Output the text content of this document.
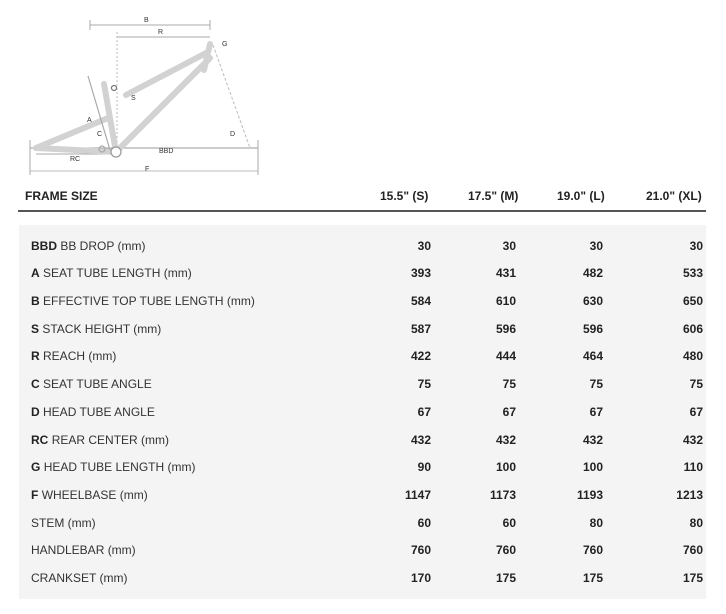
B
R
G
S
A
C	D
RC
BBD
F
FRAME SIZE	15.5" (S)	17.5" (M)	19.0" (L)	21.0" (XL)
BBD BB DROP (mm)	30	30	30	30
A SEAT TUBE LENGTH (mm)	393	431	482	533
B EFFECTIVE TOP TUBE LENGTH (mm)	584	610	630	650
S STACK HEIGHT (mm)	587	596	596	606
R REACH (mm)	422	444	464	480
C SEAT TUBE ANGLE	75	75	75	75
D HEAD TUBE ANGLE	67	67	67	67
RC REAR CENTER (mm)	432	432	432	432
G HEAD TUBE LENGTH (mm)	90	100	100	110
F WHEELBASE (mm)	1147	1173	1193	1213
STEM (mm)	60	60	80	80
HANDLEBAR (mm)	760	760	760	760
CRANKSET (mm)	170	175	175	175
